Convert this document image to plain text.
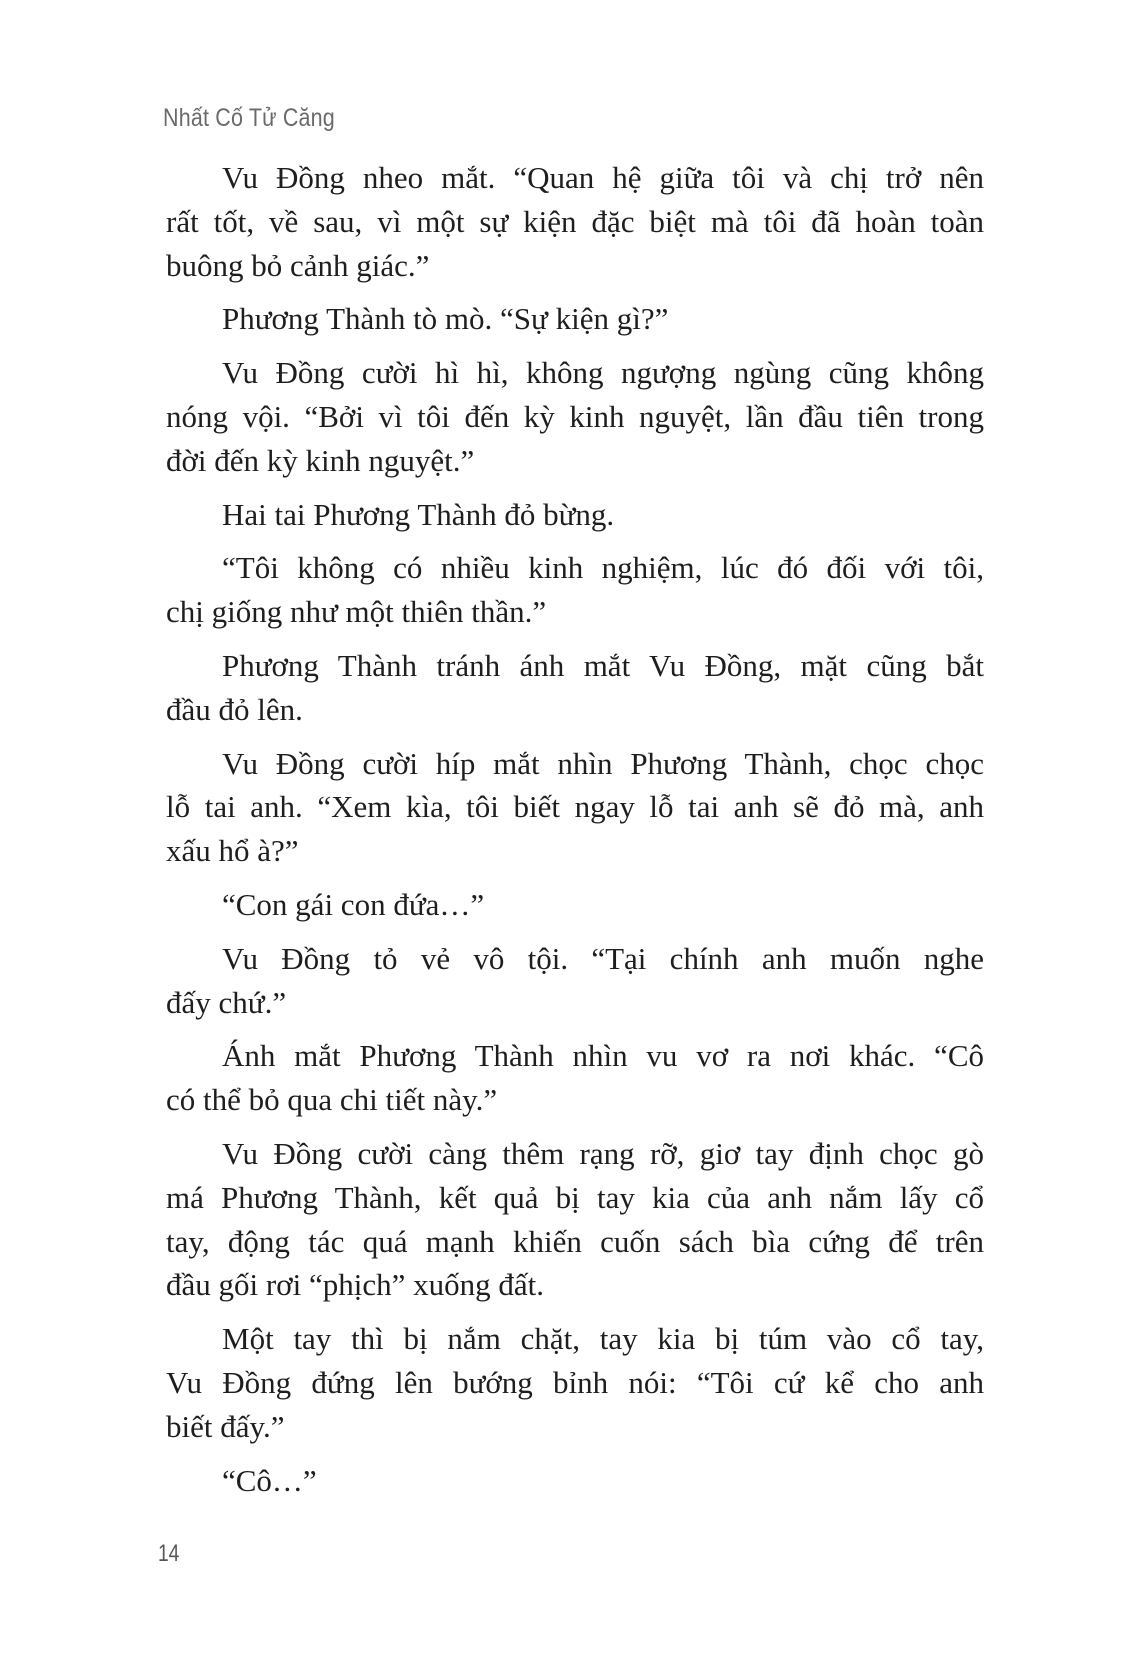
Nhất Cố Tử Căng
Vu Đồng nheo mắt. “Quan hệ giữa tôi và chị trở nên
rất tốt, về sau, vì một sự kiện đặc biệt mà tôi đã hoàn toàn
buông bỏ cảnh giác.”
Phương Thành tò mò. “Sự kiện gì?”
Vu Đồng cười hì hì, không ngượng ngùng cũng không
nóng vội. “Bởi vì tôi đến kỳ kinh nguyệt, lần đầu tiên trong
đời đến kỳ kinh nguyệt.”
Hai tai Phương Thành đỏ bừng.
“Tôi không có nhiều kinh nghiệm, lúc đó đối với tôi,
chị giống như một thiên thần.”
Phương Thành tránh ánh mắt Vu Đồng, mặt cũng bắt
đầu đỏ lên.
Vu Đồng cười híp mắt nhìn Phương Thành, chọc chọc
lỗ tai anh. “Xem kìa, tôi biết ngay lỗ tai anh sẽ đỏ mà, anh
xấu hổ à?”
“Con gái con đứa…”
Vu Đồng tỏ vẻ vô tội. “Tại chính anh muốn nghe
đấy chứ.”
Ánh mắt Phương Thành nhìn vu vơ ra nơi khác. “Cô
có thể bỏ qua chi tiết này.”
Vu Đồng cười càng thêm rạng rỡ, giơ tay định chọc gò
má Phương Thành, kết quả bị tay kia của anh nắm lấy cổ
tay, động tác quá mạnh khiến cuốn sách bìa cứng để trên
đầu gối rơi “phịch” xuống đất.
Một tay thì bị nắm chặt, tay kia bị túm vào cổ tay,
Vu Đồng đứng lên bướng bỉnh nói: “Tôi cứ kể cho anh
biết đấy.”
“Cô…”
14
